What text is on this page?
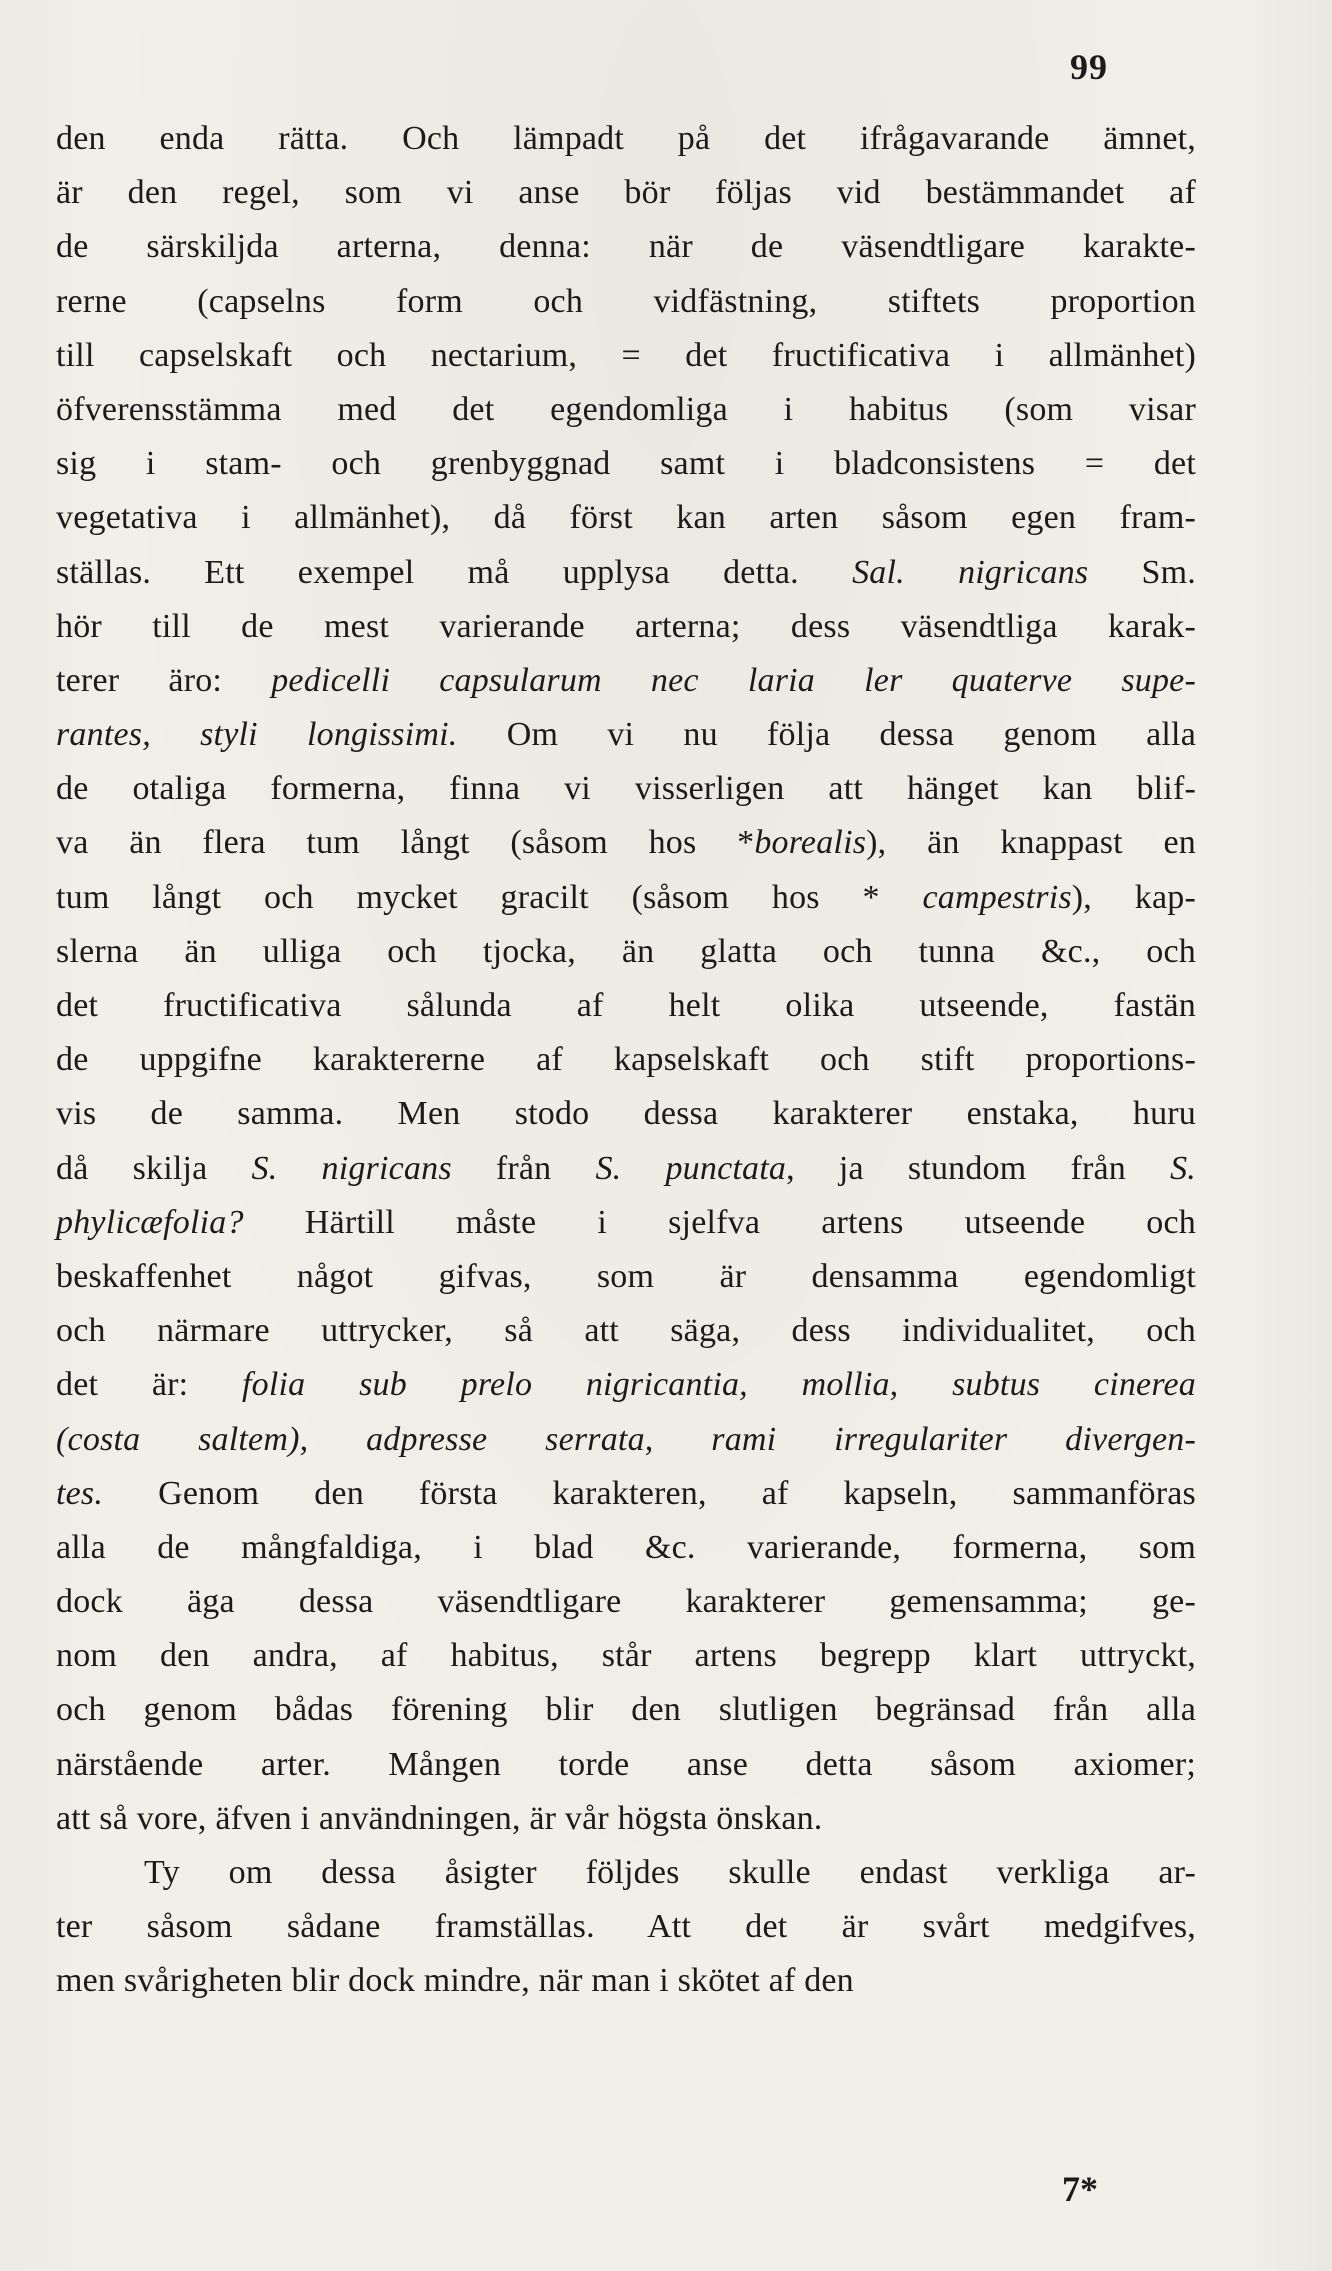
99
den enda rätta. Och lämpadt på det ifrågavarande ämnet,
är den regel, som vi anse bör följas vid bestämmandet af
de särskiljda arterna, denna: när de väsendtligare karakte-
rerne (capselns form och vidfästning, stiftets proportion
till capselskaft och nectarium, = det fructificativa i allmänhet)
öfverensstämma med det egendomliga i habitus (som visar
sig i stam- och grenbyggnad samt i bladconsistens = det
vegetativa i allmänhet), då först kan arten såsom egen fram-
ställas. Ett exempel må upplysa detta. Sal. nigricans Sm.
hör till de mest varierande arterna; dess väsendtliga karak-
terer äro: pedicelli capsularum nec laria ler quaterve supe-
rantes, styli longissimi. Om vi nu följa dessa genom alla
de otaliga formerna, finna vi visserligen att hänget kan blif-
va än flera tum långt (såsom hos *borealis), än knappast en
tum långt och mycket gracilt (såsom hos * campestris), kap-
slerna än ulliga och tjocka, än glatta och tunna &c., och
det fructificativa sålunda af helt olika utseende, fastän
de uppgifne karaktererne af kapselskaft och stift proportions-
vis de samma. Men stodo dessa karakterer enstaka, huru
då skilja S. nigricans från S. punctata, ja stundom från S.
phylicæfolia? Härtill måste i sjelfva artens utseende och
beskaffenhet något gifvas, som är densamma egendomligt
och närmare uttrycker, så att säga, dess individualitet, och
det är: folia sub prelo nigricantia, mollia, subtus cinerea
(costa saltem), adpresse serrata, rami irregulariter divergen-
tes. Genom den första karakteren, af kapseln, sammanföras
alla de mångfaldiga, i blad &c. varierande, formerna, som
dock äga dessa väsendtligare karakterer gemensamma; ge-
nom den andra, af habitus, står artens begrepp klart uttryckt,
och genom bådas förening blir den slutligen begränsad från alla
närstående arter. Mången torde anse detta såsom axiomer;
att så vore, äfven i användningen, är vår högsta önskan.
Ty om dessa åsigter följdes skulle endast verkliga ar-
ter såsom sådane framställas. Att det är svårt medgifves,
men svårigheten blir dock mindre, när man i skötet af den
7*
